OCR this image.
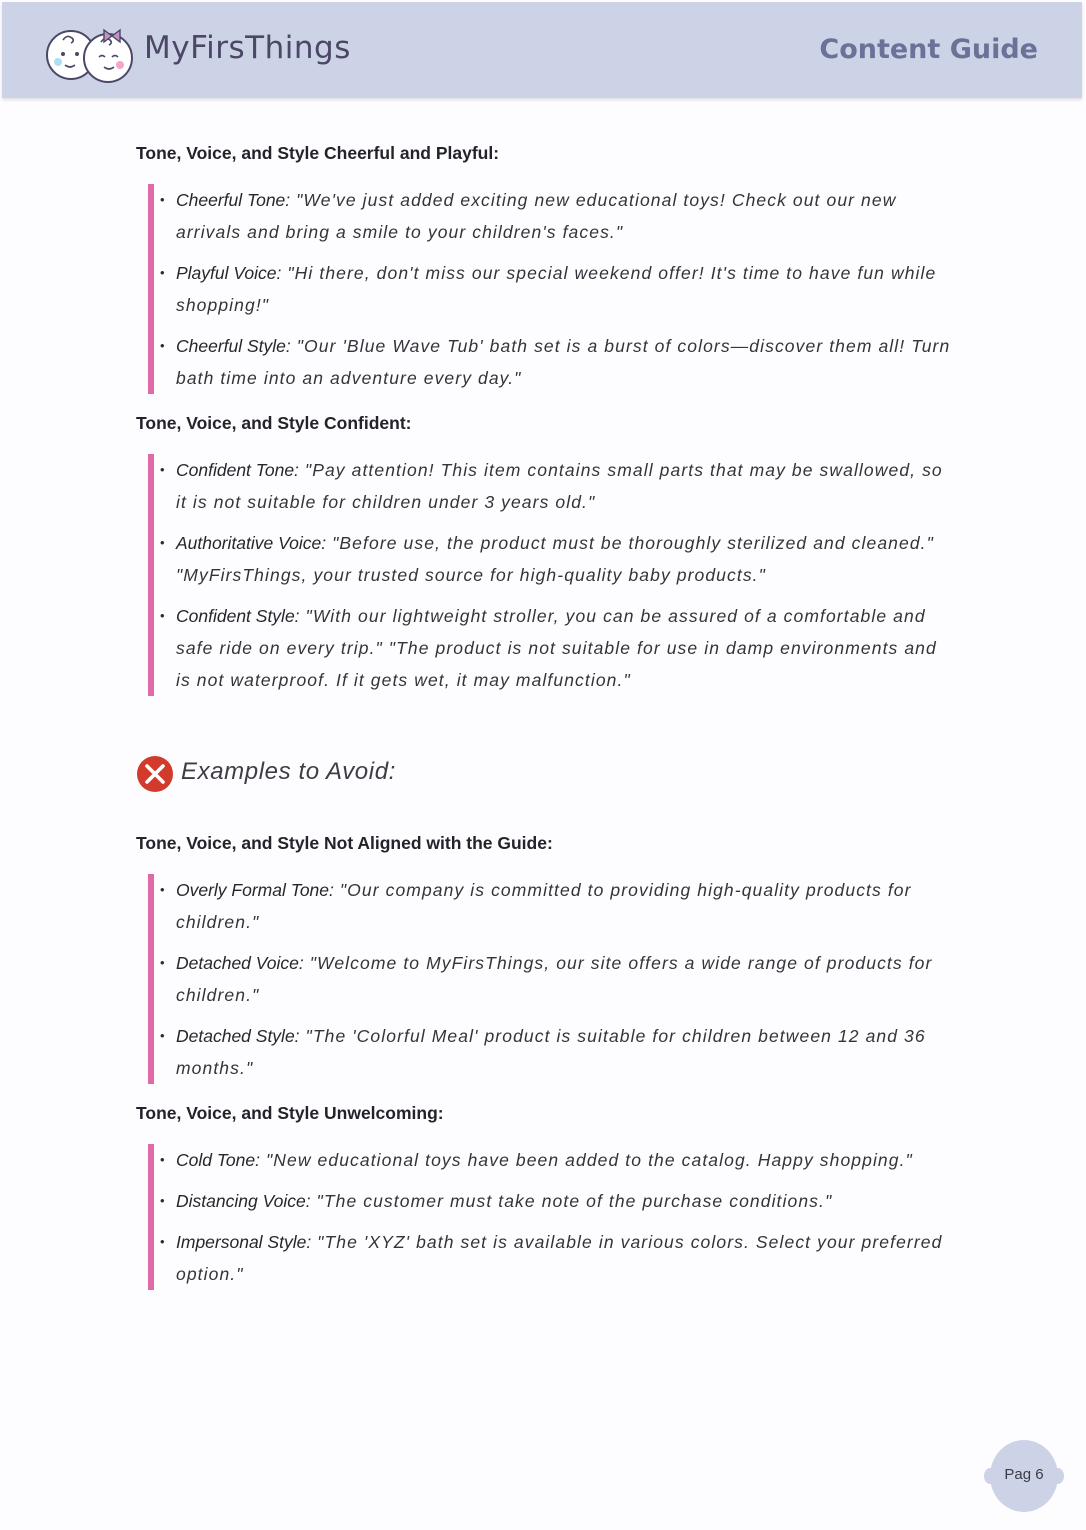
MyFirsThings	Content Guide
Tone, Voice, and Style Cheerful and Playful:
• Cheerful Tone: "We've just added exciting new educational toys! Check out our new arrivals and bring a smile to your children's faces."

• Playful Voice: "Hi there, don't miss our special weekend offer! It's time to have fun while shopping!"

• Cheerful Style: "Our 'Blue Wave Tub' bath set is a burst of colors—discover them all! Turn bath time into an adventure every day."

Tone, Voice, and Style Confident:
• Confident Tone: "Pay attention! This item contains small parts that may be swallowed, so it is not suitable for children under 3 years old."

• Authoritative Voice: "Before use, the product must be thoroughly sterilized and cleaned." "MyFirsThings, your trusted source for high-quality baby products."

• Confident Style: "With our lightweight stroller, you can be assured of a comfortable and safe ride on every trip." "The product is not suitable for use in damp environments and is not waterproof. If it gets wet, it may malfunction."

Examples to Avoid:
Tone, Voice, and Style Not Aligned with the Guide:
• Overly Formal Tone: "Our company is committed to providing high-quality products for children."

• Detached Voice: "Welcome to MyFirsThings, our site offers a wide range of products for children."

• Detached Style: "The 'Colorful Meal' product is suitable for children between 12 and 36 months."

Tone, Voice, and Style Unwelcoming:
• Cold Tone: "New educational toys have been added to the catalog. Happy shopping."

• Distancing Voice: "The customer must take note of the purchase conditions."

• Impersonal Style: "The 'XYZ' bath set is available in various colors. Select your preferred option."

Pag 6
